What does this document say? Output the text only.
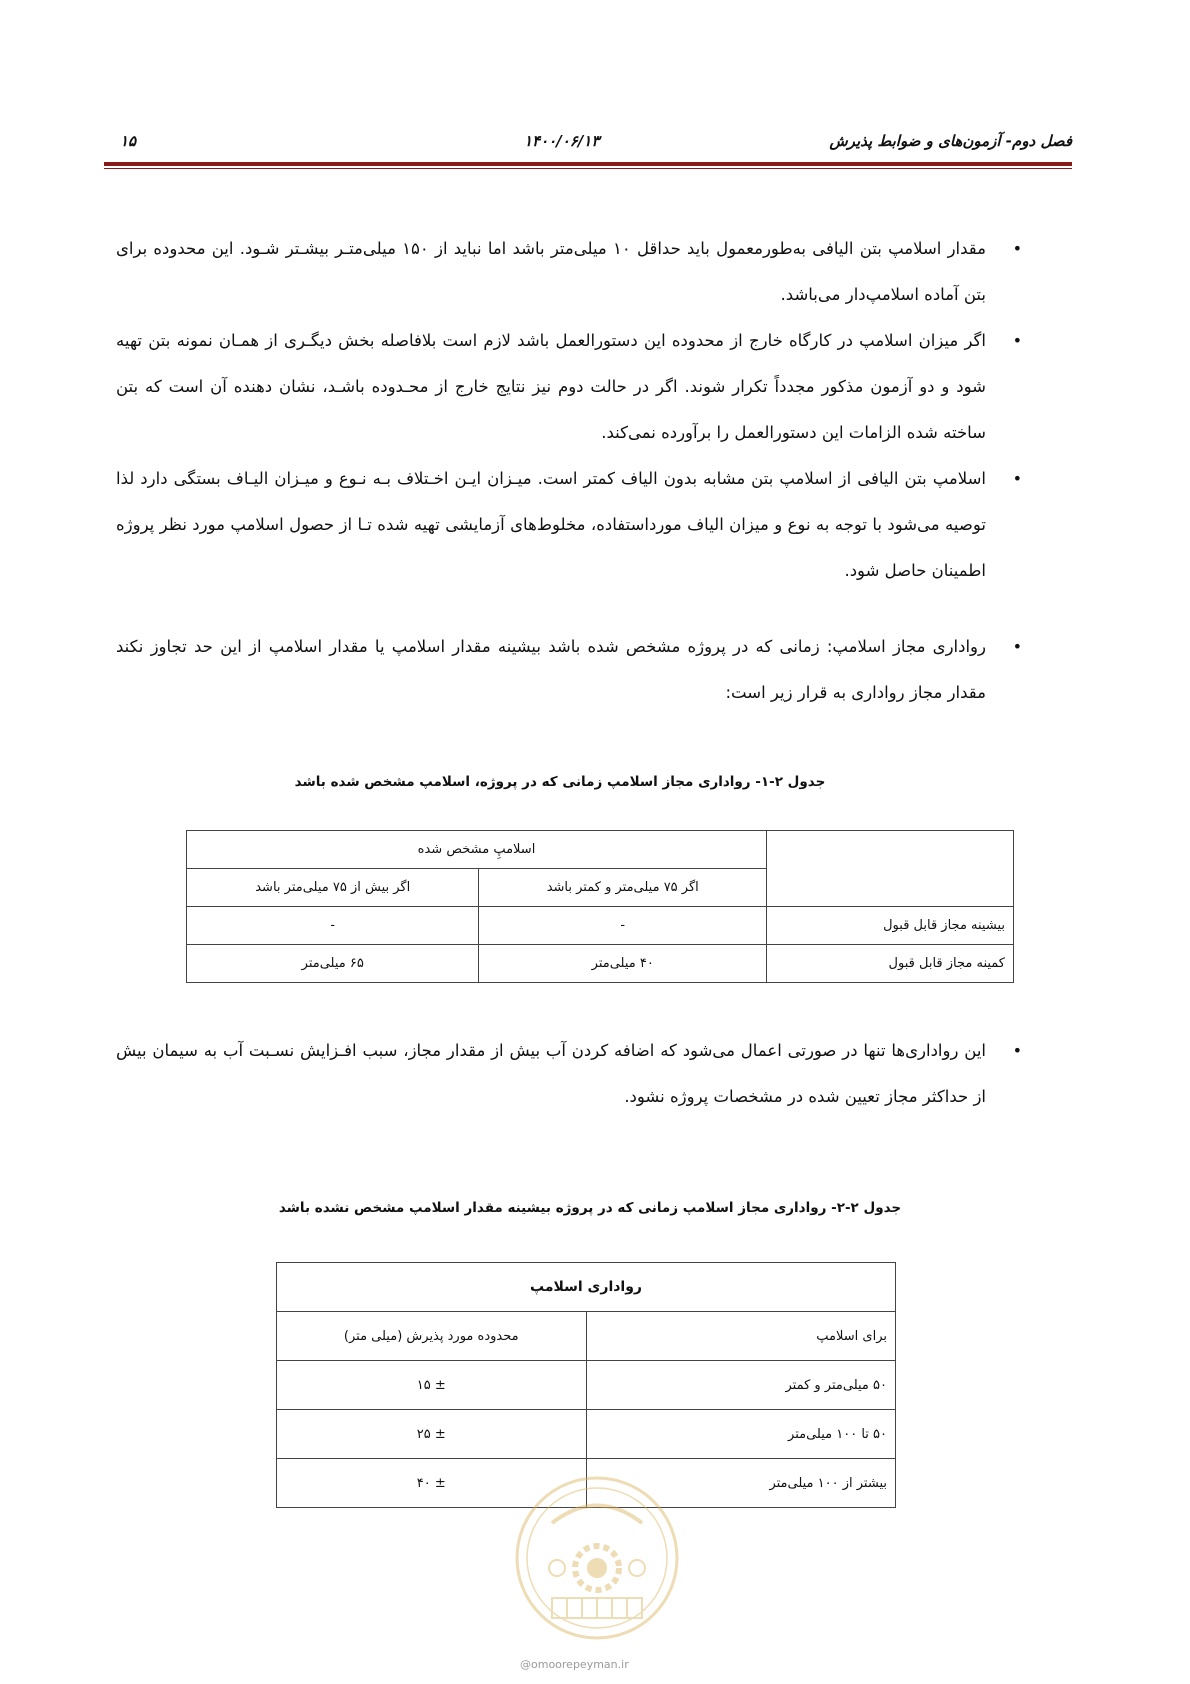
فصل دوم- آزمون‌های و ضوابط پذیرش
۱۴۰۰/۰۶/۱۳
۱۵
•
مقدار اسلامپ بتن الیافی به‌طورمعمول باید حداقل ۱۰ میلی‌متر باشد اما نباید از ۱۵۰ میلی‌متـر بیشـتر شـود. این محدوده برای بتن آماده اسلامپ‌دار می‌باشد.
•
اگر میزان اسلامپ در کارگاه خارج از محدوده این دستورالعمل باشد لازم است بلافاصله بخش دیگـری از همـان نمونه بتن تهیه شود و دو آزمون مذکور مجدداً تکرار شوند. اگر در حالت دوم نیز نتایج خارج از محـدوده باشـد، نشان دهنده آن است که بتن ساخته شده الزامات این دستورالعمل را برآورده نمی‌کند.
•
اسلامپ بتن الیافی از اسلامپ بتن مشابه بدون الیاف کمتر است. میـزان ایـن اخـتلاف بـه نـوع و میـزان الیـاف بستگی دارد لذا توصیه می‌شود با توجه به نوع و میزان الیاف مورداستفاده، مخلوط‌های آزمایشی تهیه شده تـا از حصول اسلامپ مورد نظر پروژه اطمینان حاصل شود.
•
رواداری مجاز اسلامپ: زمانی که در پروژه مشخص شده باشد بیشینه مقدار اسلامپ یا مقدار اسلامپ از این حد تجاوز نکند مقدار مجاز رواداری به قرار زیر است:
جدول ۲-۱- رواداری مجاز اسلامپ زمانی که در پروژه، اسلامپ مشخص شده باشد
	اسلامپِ مشخص شده	
	اگر ۷۵ میلی‌متر و کمتر باشد	اگر بیش از ۷۵ میلی‌متر باشد
بیشینه مجاز قابل قبول	-	-
کمینه مجاز قابل قبول	۴۰ میلی‌متر	۶۵ میلی‌متر
•
این رواداری‌ها تنها در صورتی اعمال می‌شود که اضافه کردن آب بیش از مقدار مجاز، سبب افـزایش نسـبت آب به سیمان بیش از حداکثر مجاز تعیین شده در مشخصات پروژه نشود.
جدول ۲-۲- رواداری مجاز اسلامپ زمانی که در پروژه بیشینه مقدار اسلامپ مشخص نشده باشد
رواداری اسلامپ	
برای اسلامپ	محدوده مورد پذیرش (میلی متر)
۵۰ میلی‌متر و کمتر	± ۱۵
۵۰ تا ۱۰۰ میلی‌متر	± ۲۵
بیشتر از ۱۰۰ میلی‌متر	± ۴۰
@omoorepeyman.ir
